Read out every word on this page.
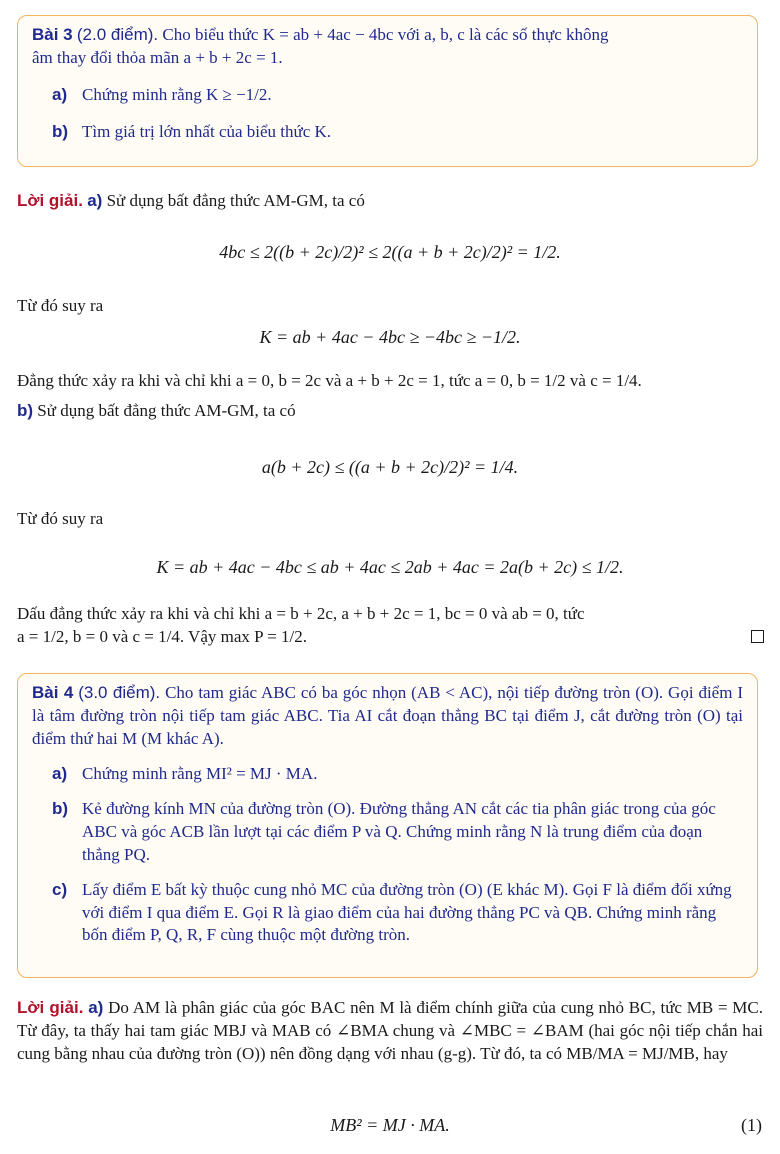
Bài 3 (2.0 điểm). Cho biểu thức K = ab + 4ac − 4bc với a, b, c là các số thực không
âm thay đổi thỏa mãn a + b + 2c = 1.

a) Chứng minh rằng K ≥ −1/2.
b) Tìm giá trị lớn nhất của biểu thức K.

Lời giải. a) Sử dụng bất đẳng thức AM-GM, ta có

4bc ≤ 2((b + 2c)/2)² ≤ 2((a + b + 2c)/2)² = 1/2.

Từ đó suy ra

K = ab + 4ac − 4bc ≥ −4bc ≥ −1/2.

Đẳng thức xảy ra khi và chỉ khi a = 0, b = 2c và a + b + 2c = 1, tức a = 0, b = 1/2 và c = 1/4.

b) Sử dụng bất đẳng thức AM-GM, ta có

a(b + 2c) ≤ ((a + b + 2c)/2)² = 1/4.

Từ đó suy ra

K = ab + 4ac − 4bc ≤ ab + 4ac ≤ 2ab + 4ac = 2a(b + 2c) ≤ 1/2.

Dấu đẳng thức xảy ra khi và chỉ khi a = b + 2c, a + b + 2c = 1, bc = 0 và ab = 0, tức

a = 1/2, b = 0 và c = 1/4. Vậy max P = 1/2.

Bài 4 (3.0 điểm). Cho tam giác ABC có ba góc nhọn (AB < AC), nội tiếp đường tròn (O). Gọi điểm I là tâm đường tròn nội tiếp tam giác ABC. Tia AI cắt đoạn thẳng BC tại điểm J, cắt đường tròn (O) tại điểm thứ hai M (M khác A).

a) Chứng minh rằng MI² = MJ · MA.
b) Kẻ đường kính MN của đường tròn (O). Đường thẳng AN cắt các tia phân giác trong của góc ABC và góc ACB lần lượt tại các điểm P và Q. Chứng minh rằng N là trung điểm của đoạn thẳng PQ.
c) Lấy điểm E bất kỳ thuộc cung nhỏ MC của đường tròn (O) (E khác M). Gọi F là điểm đối xứng với điểm I qua điểm E. Gọi R là giao điểm của hai đường thẳng PC và QB. Chứng minh rằng bốn điểm P, Q, R, F cùng thuộc một đường tròn.

Lời giải. a) Do AM là phân giác của góc BAC nên M là điểm chính giữa của cung nhỏ BC, tức MB = MC. Từ đây, ta thấy hai tam giác MBJ và MAB có ∠BMA chung và ∠MBC = ∠BAM (hai góc nội tiếp chắn hai cung bằng nhau của đường tròn (O)) nên đồng dạng với nhau (g-g). Từ đó, ta có MB/MA = MJ/MB, hay

MB² = MJ · MA.	(1)
